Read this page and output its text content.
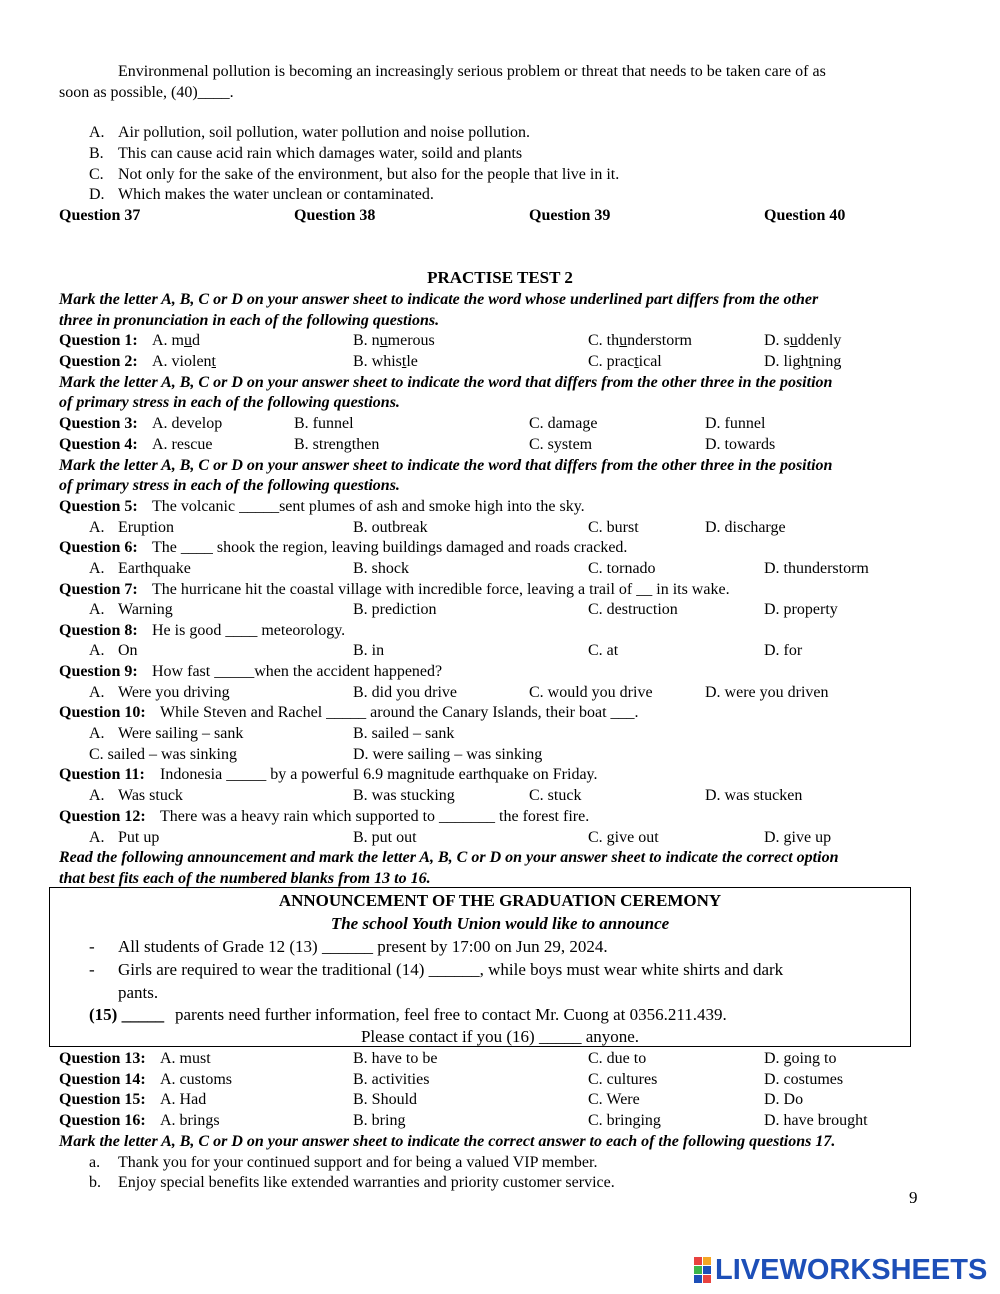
Environmenal pollution is becoming an increasingly serious problem or threat that needs to be taken care of as
soon as possible, (40)____.
A. Air pollution, soil pollution, water pollution and noise pollution.
B. This can cause acid rain which damages water, soild and plants
C. Not only for the sake of the environment, but also for the people that live in it.
D. Which makes the water unclean or contaminated.
Question 37	Question 38	Question 39	Question 40
PRACTISE TEST 2
Mark the letter A, B, C or D on your answer sheet to indicate the word whose underlined part differs from the other
three in pronunciation in each of the following questions.
Question 1: A. mud	B. numerous	C. thunderstorm	D. suddenly
Question 2: A. violent	B. whistle	C. practical	D. lightning
Mark the letter A, B, C or D on your answer sheet to indicate the word that differs from the other three in the position
of primary stress in each of the following questions.
Question 3: A. develop	B. funnel	C. damage	D. funnel
Question 4: A. rescue	B. strengthen	C. system	D. towards
Mark the letter A, B, C or D on your answer sheet to indicate the word that differs from the other three in the position
of primary stress in each of the following questions.
Question 5: The volcanic _____sent plumes of ash and smoke high into the sky.
A. Eruption	B. outbreak	C. burst	D. discharge
Question 6: The ____ shook the region, leaving buildings damaged and roads cracked.
A. Earthquake	B. shock	C. tornado	D. thunderstorm
Question 7: The hurricane hit the coastal village with incredible force, leaving a trail of __ in its wake.
A. Warning	B. prediction	C. destruction	D. property
Question 8: He is good ____ meteorology.
A. On	B. in	C. at	D. for
Question 9: How fast _____when the accident happened?
A. Were you driving	B. did you drive	C. would you drive	D. were you driven
Question 10: While Steven and Rachel _____ around the Canary Islands, their boat ___.
A. Were sailing – sank	B. sailed – sank
C. sailed – was sinking	D. were sailing – was sinking
Question 11: Indonesia _____ by a powerful 6.9 magnitude earthquake on Friday.
A. Was stuck	B. was stucking	C. stuck	D. was stucken
Question 12: There was a heavy rain which supported to _______ the forest fire.
A. Put up	B. put out	C. give out	D. give up
Read the following announcement and mark the letter A, B, C or D on your answer sheet to indicate the correct option
that best fits each of the numbered blanks from 13 to 16.
ANNOUNCEMENT OF THE GRADUATION CEREMONY
The school Youth Union would like to announce
- All students of Grade 12 (13) ______ present by 17:00 on Jun 29, 2024.
- Girls are required to wear the traditional (14) ______, while boys must wear white shirts and dark
pants.
(15) _____ parents need further information, feel free to contact Mr. Cuong at 0356.211.439.
Please contact if you (16) _____ anyone.
Question 13: A. must	B. have to be	C. due to	D. going to
Question 14: A. customs	B. activities	C. cultures	D. costumes
Question 15: A. Had	B. Should	C. Were	D. Do
Question 16: A. brings	B. bring	C. bringing	D. have brought
Mark the letter A, B, C or D on your answer sheet to indicate the correct answer to each of the following questions 17.
a. Thank you for your continued support and for being a valued VIP member.
b. Enjoy special benefits like extended warranties and priority customer service.
9
LIVEWORKSHEETS
